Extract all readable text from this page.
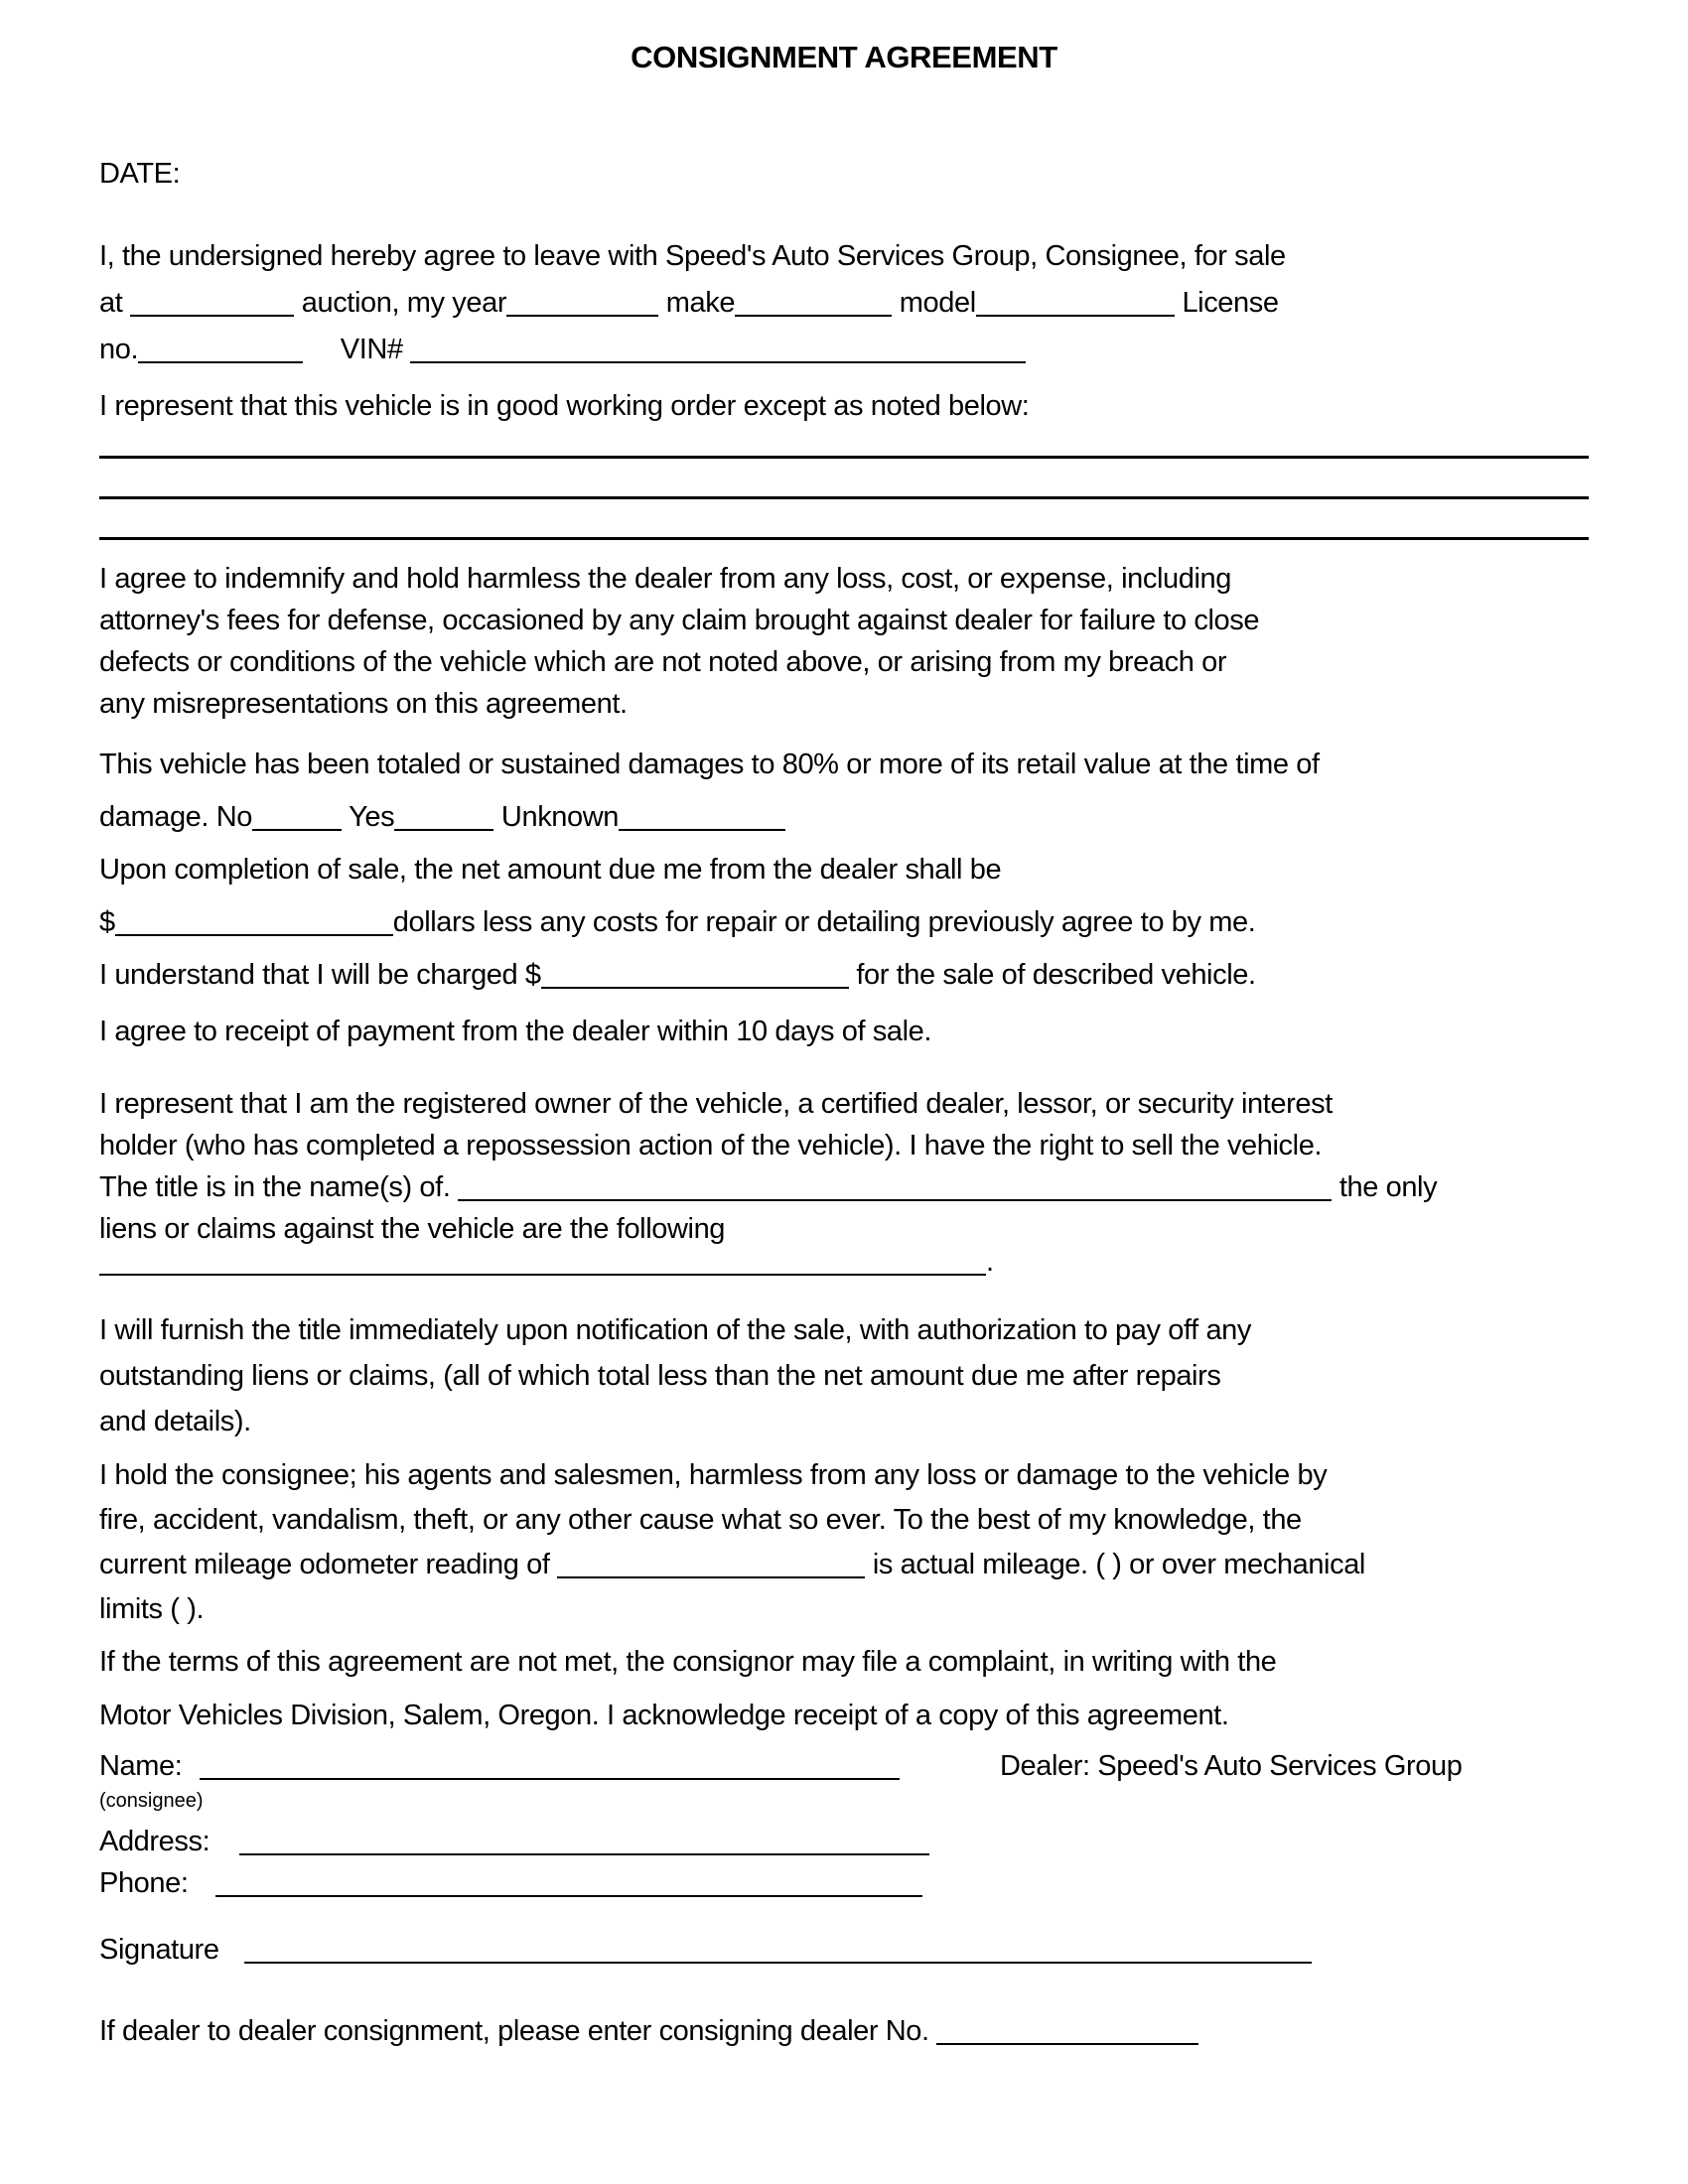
CONSIGNMENT AGREEMENT
DATE:
I, the undersigned hereby agree to leave with Speed's Auto Services Group, Consignee, for sale
at	auction, my year	make	model	License
no.	VIN#
I represent that this vehicle is in good working order except as noted below:
I agree to indemnify and hold harmless the dealer from any loss, cost, or expense, including
attorney's fees for defense, occasioned by any claim brought against dealer for failure to close
defects or conditions of the vehicle which are not noted above, or arising from my breach or
any misrepresentations on this agreement.
This vehicle has been totaled or sustained damages to 80% or more of its retail value at the time of
damage. No	Yes	Unknown
Upon completion of sale, the net amount due me from the dealer shall be
$	dollars less any costs for repair or detailing previously agree to by me.
I understand that I will be charged $	for the sale of described vehicle.
I agree to receipt of payment from the dealer within 10 days of sale.
I represent that I am the registered owner of the vehicle, a certified dealer, lessor, or security interest
holder (who has completed a repossession action of the vehicle). I have the right to sell the vehicle.
The title is in the name(s) of.	the only
liens or claims against the vehicle are the following
.
I will furnish the title immediately upon notification of the sale, with authorization to pay off any
outstanding liens or claims, (all of which total less than the net amount due me after repairs
and details).
I hold the consignee; his agents and salesmen, harmless from any loss or damage to the vehicle by
fire, accident, vandalism, theft, or any other cause what so ever. To the best of my knowledge, the
current mileage odometer reading of	is actual mileage. ( ) or over mechanical
limits ( ).
If the terms of this agreement are not met, the consignor may file a complaint, in writing with the
Motor Vehicles Division, Salem, Oregon. I acknowledge receipt of a copy of this agreement.
Name:	Dealer: Speed's Auto Services Group
(consignee)
Address:
Phone:
Signature
If dealer to dealer consignment, please enter consigning dealer No.
